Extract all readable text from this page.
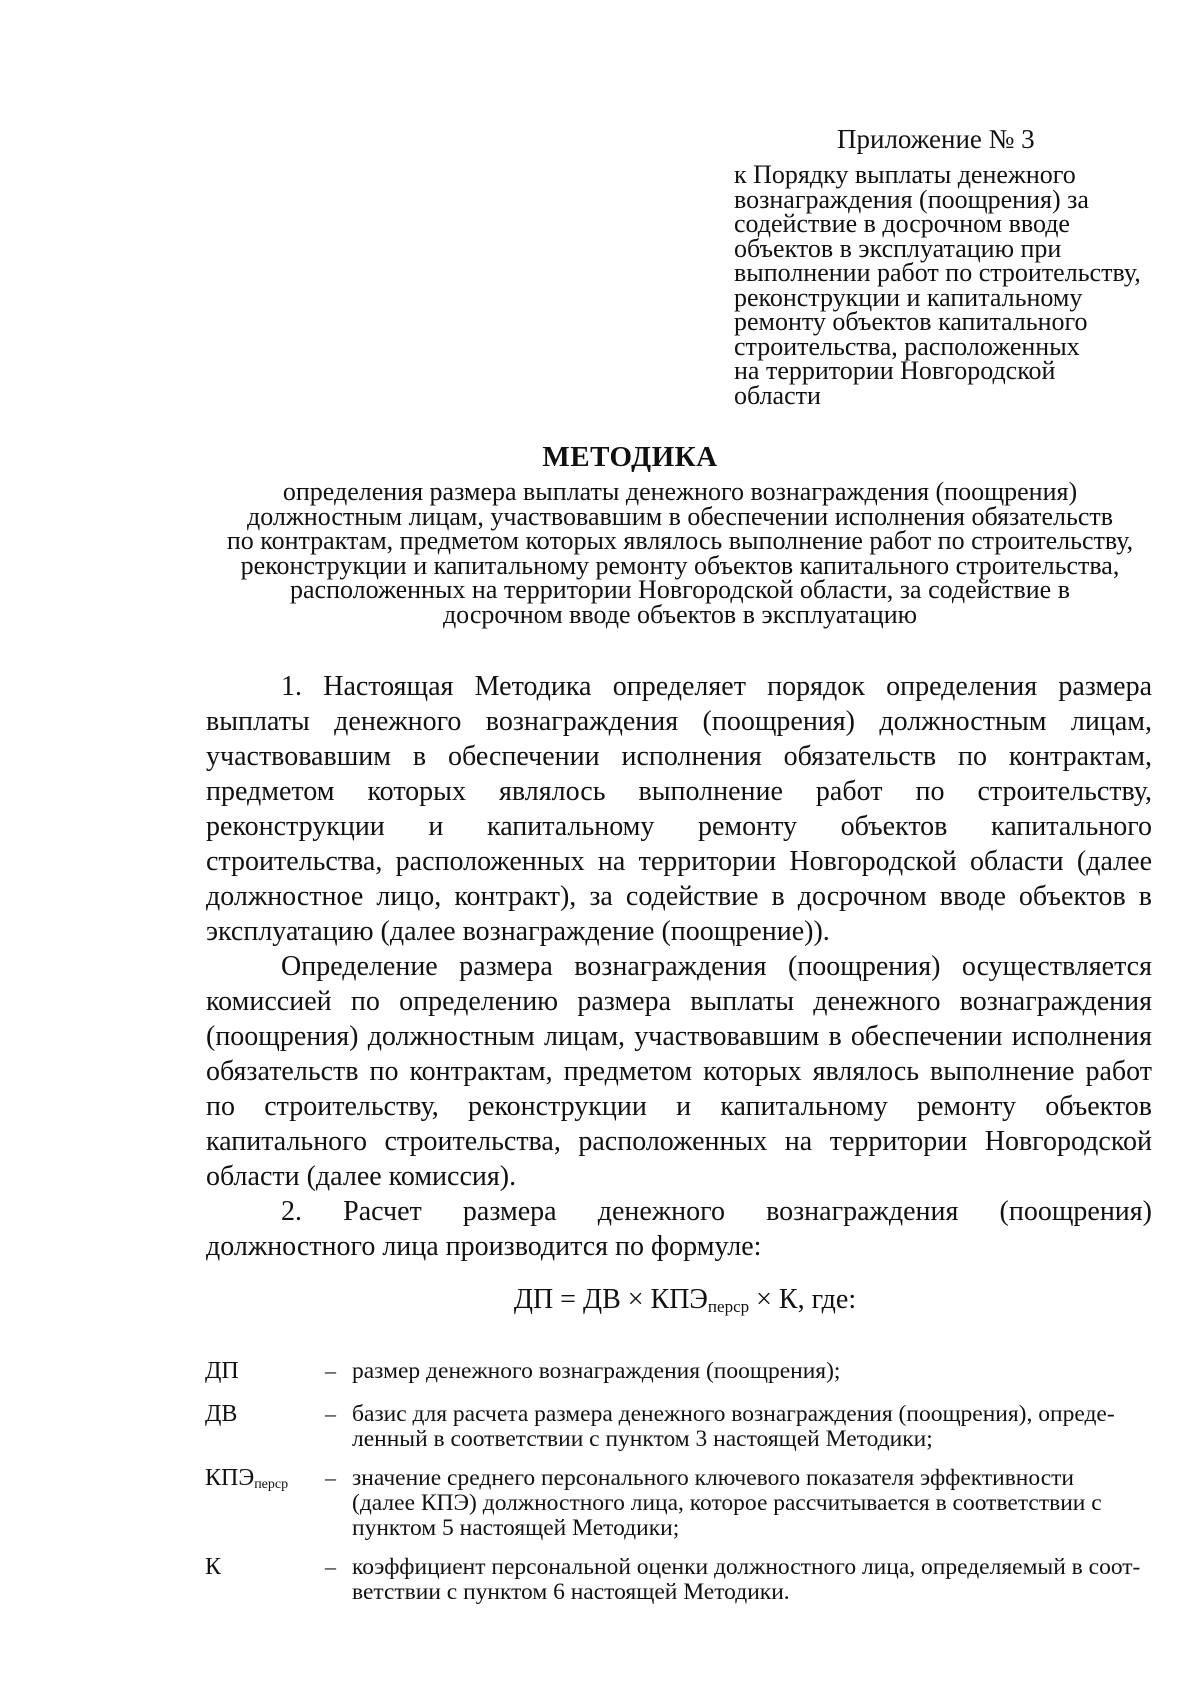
Приложение № 3
к Порядку выплаты денежного
вознаграждения (поощрения) за
содействие в досрочном вводе
объектов в эксплуатацию при
выполнении работ по строительству,
реконструкции и капитальному
ремонту объектов капитального
строительства, расположенных
на территории Новгородской
области
МЕТОДИКА
определения размера выплаты денежного вознаграждения (поощрения)
должностным лицам, участвовавшим в обеспечении исполнения обязательств
по контрактам, предметом которых являлось выполнение работ по строительству,
реконструкции и капитальному ремонту объектов капитального строительства,
расположенных на территории Новгородской области, за содействие в
досрочном вводе объектов в эксплуатацию
1. Настоящая Методика определяет порядок определения размера
выплаты денежного вознаграждения (поощрения) должностным лицам,
участвовавшим в обеспечении исполнения обязательств по контрактам,
предметом которых являлось выполнение работ по строительству,
реконструкции и капитальному ремонту объектов капитального
строительства, расположенных на территории Новгородской области (далее
должностное лицо, контракт), за содействие в досрочном вводе объектов в
эксплуатацию (далее вознаграждение (поощрение)).
Определение размера вознаграждения (поощрения) осуществляется
комиссией по определению размера выплаты денежного вознаграждения
(поощрения) должностным лицам, участвовавшим в обеспечении исполнения
обязательств по контрактам, предметом которых являлось выполнение работ
по строительству, реконструкции и капитальному ремонту объектов
капитального строительства, расположенных на территории Новгородской
области (далее комиссия).
2. Расчет размера денежного вознаграждения (поощрения)
должностного лица производится по формуле:
ДП = ДВ × $КПЭ_{перср} \times К$, где:
ДП	– размер денежного вознаграждения (поощрения);
ДВ	– базис для расчета размера денежного вознаграждения (поощрения), опреде-
ленный в соответствии с пунктом 3 настоящей Методики;
$КПЭ_{перср}$ – значение среднего персонального ключевого показателя эффективности
(далее КПЭ) должностного лица, которое рассчитывается в соответствии с
пунктом 5 настоящей Методики;
К	– коэффициент персональной оценки должностного лица, определяемый в соот-
ветствии с пунктом 6 настоящей Методики.
